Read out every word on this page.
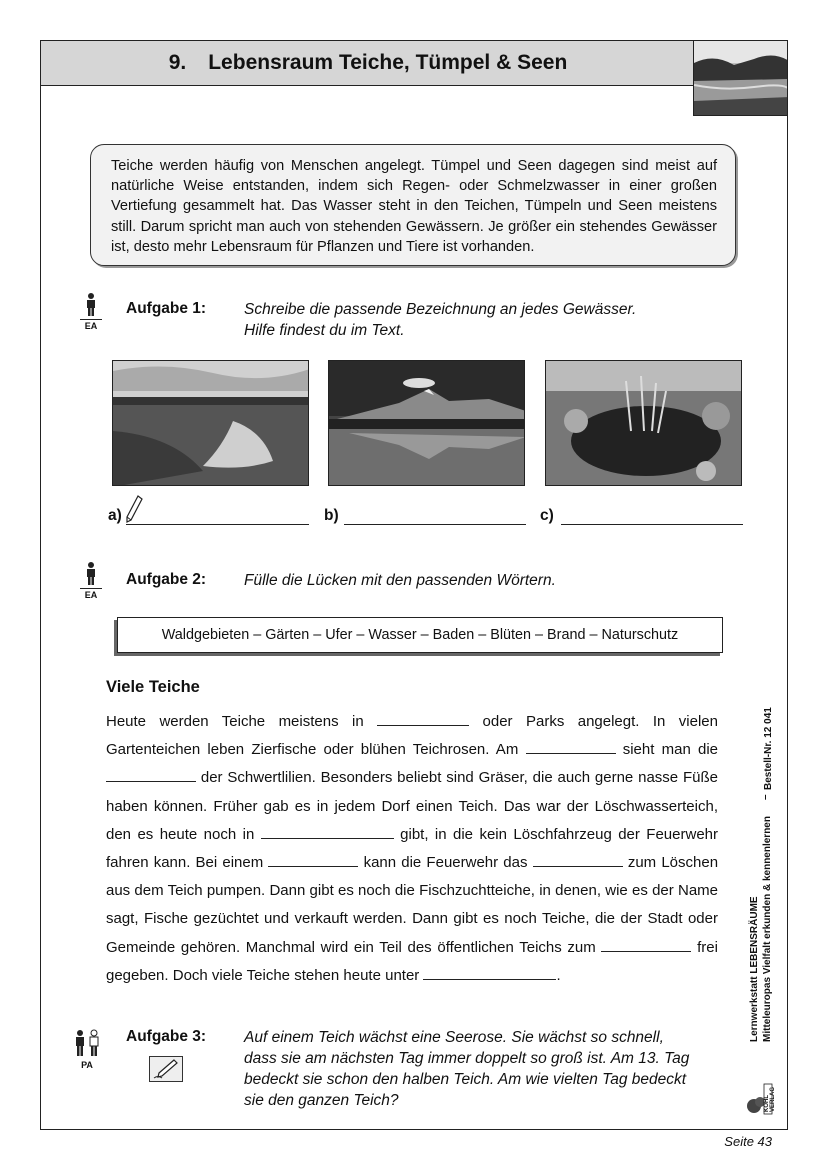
9. Lebensraum Teiche, Tümpel & Seen
Teiche werden häufig von Menschen angelegt. Tümpel und Seen dagegen sind meist auf natürliche Weise entstanden, indem sich Regen- oder Schmelzwasser in einer großen Vertiefung gesammelt hat. Das Wasser steht in den Teichen, Tümpeln und Seen meistens still. Darum spricht man auch von stehenden Gewässern. Je größer ein stehendes Gewässer ist, desto mehr Lebensraum für Pflanzen und Tiere ist vorhanden.
EA
Aufgabe 1: Schreibe die passende Bezeichnung an jedes Gewässer.
Hilfe findest du im Text.
a)	b)	c)
EA
Aufgabe 2: Fülle die Lücken mit den passenden Wörtern.
Waldgebieten – Gärten – Ufer – Wasser – Baden – Blüten – Brand – Naturschutz
Viele Teiche
Heute werden Teiche meistens in	oder Parks angelegt. In vielen Gartenteichen leben Zierfische oder blühen Teichrosen. Am	sieht man die  der Schwertlilien. Besonders beliebt sind Gräser, die auch gerne nasse Füße haben können. Früher gab es in jedem Dorf einen Teich. Das war der Löschwasserteich, den es heute noch in	gibt, in die kein Löschfahrzeug der Feuerwehr fahren kann. Bei einem	kann die Feuerwehr das	zum Löschen aus dem Teich pumpen. Dann gibt es noch die Fischzuchtteiche, in denen, wie es der Name sagt, Fische gezüchtet und verkauft werden. Dann gibt es noch Teiche, die der Stadt oder Gemeinde gehören. Manchmal wird ein Teil des öffentlichen Teichs zum	frei gegeben. Doch viele Teiche stehen heute unter	.
PA
Aufgabe 3: Auf einem Teich wächst eine Seerose. Sie wächst so schnell,
dass sie am nächsten Tag immer doppelt so groß ist. Am 13. Tag
bedeckt sie schon den halben Teich. Am wie vielten Tag bedeckt
sie den ganzen Teich?
Lernwerkstatt LEBENSRÄUME Mitteleuropas Vielfalt erkunden & kennenlernen
–
Bestell-Nr. 12 041
KOHL VERLAG
Seite 43
